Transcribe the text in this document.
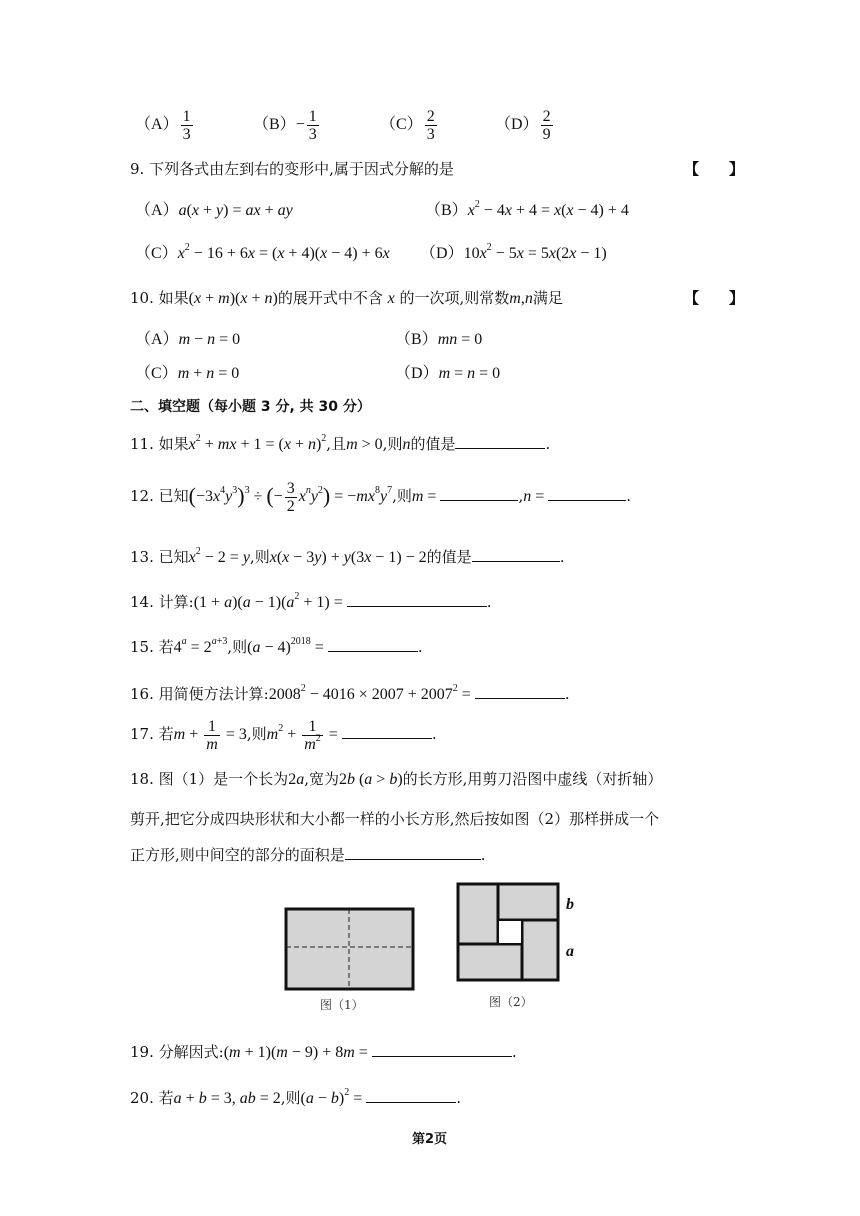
$(A) \frac{1}{3}$	$(B)- \frac{1}{3}$	$(C) \frac{2}{3}$	$(D) \frac{2}{9}$
9. 下列各式由左到右的变形中,属于因式分解的是	【　　】
（A）a(x + y) = ax + ay	$(B)x^2 - 4x + 4 = x(x - 4) + 4$
$(C)x^2 - 16 + 6x = (x + 4)(x - 4) + 6x$ $(D)10x^2 - 5x = 5x(2x - 1)$
10. 如果(x + m)(x + n)的展开式中不含 x 的一次项,则常数m,n满足	【　　】
（A）m − n = 0	（B）mn = 0
（C）m + n = 0	（D）m = n = 0
二、填空题（每小题 3 分, 共 30 分）
11. 如果$x^2$ + mx + $1 = (x + n)^2$,且m > 0,则n的值是	.
12. 已知$(-3x^4y^3)^3$ ÷ (− $\frac{3}{2} x^ny^2) = -mx^8y^7$,则m =	,n =	.
13. 已知$x^2 - 2 = y$,则x(x − 3y) + y(3x − 1) − 2的值是	.
14. 计算:(1 + $a)(a - 1)(a^2 + 1)$ =	.
15. 若$4^a = 2^{a+3}$,则$(a - 4)^{2018}$ =	.
16. 用简便方法计算$:2008^2 - 4016 \times 2007 + 2007^2$ =	.
17. 若$m + \frac{1}{m} = 3$,则$m^2 + \frac{1}{m^2}$ =	.
18. 图（1）是一个长为2a,宽为2b (a > b)的长方形,用剪刀沿图中虚线（对折轴）
剪开,把它分成四块形状和大小都一样的小长方形,然后按如图（2）那样拼成一个
正方形,则中间空的部分的面积是	.
图（1）
b
a
图（2）
19. 分解因式:(m + 1)(m − 9) + 8m =	.
20. 若a + b = 3, ab = 2,则$(a - b)^2$ =	.
第2页
